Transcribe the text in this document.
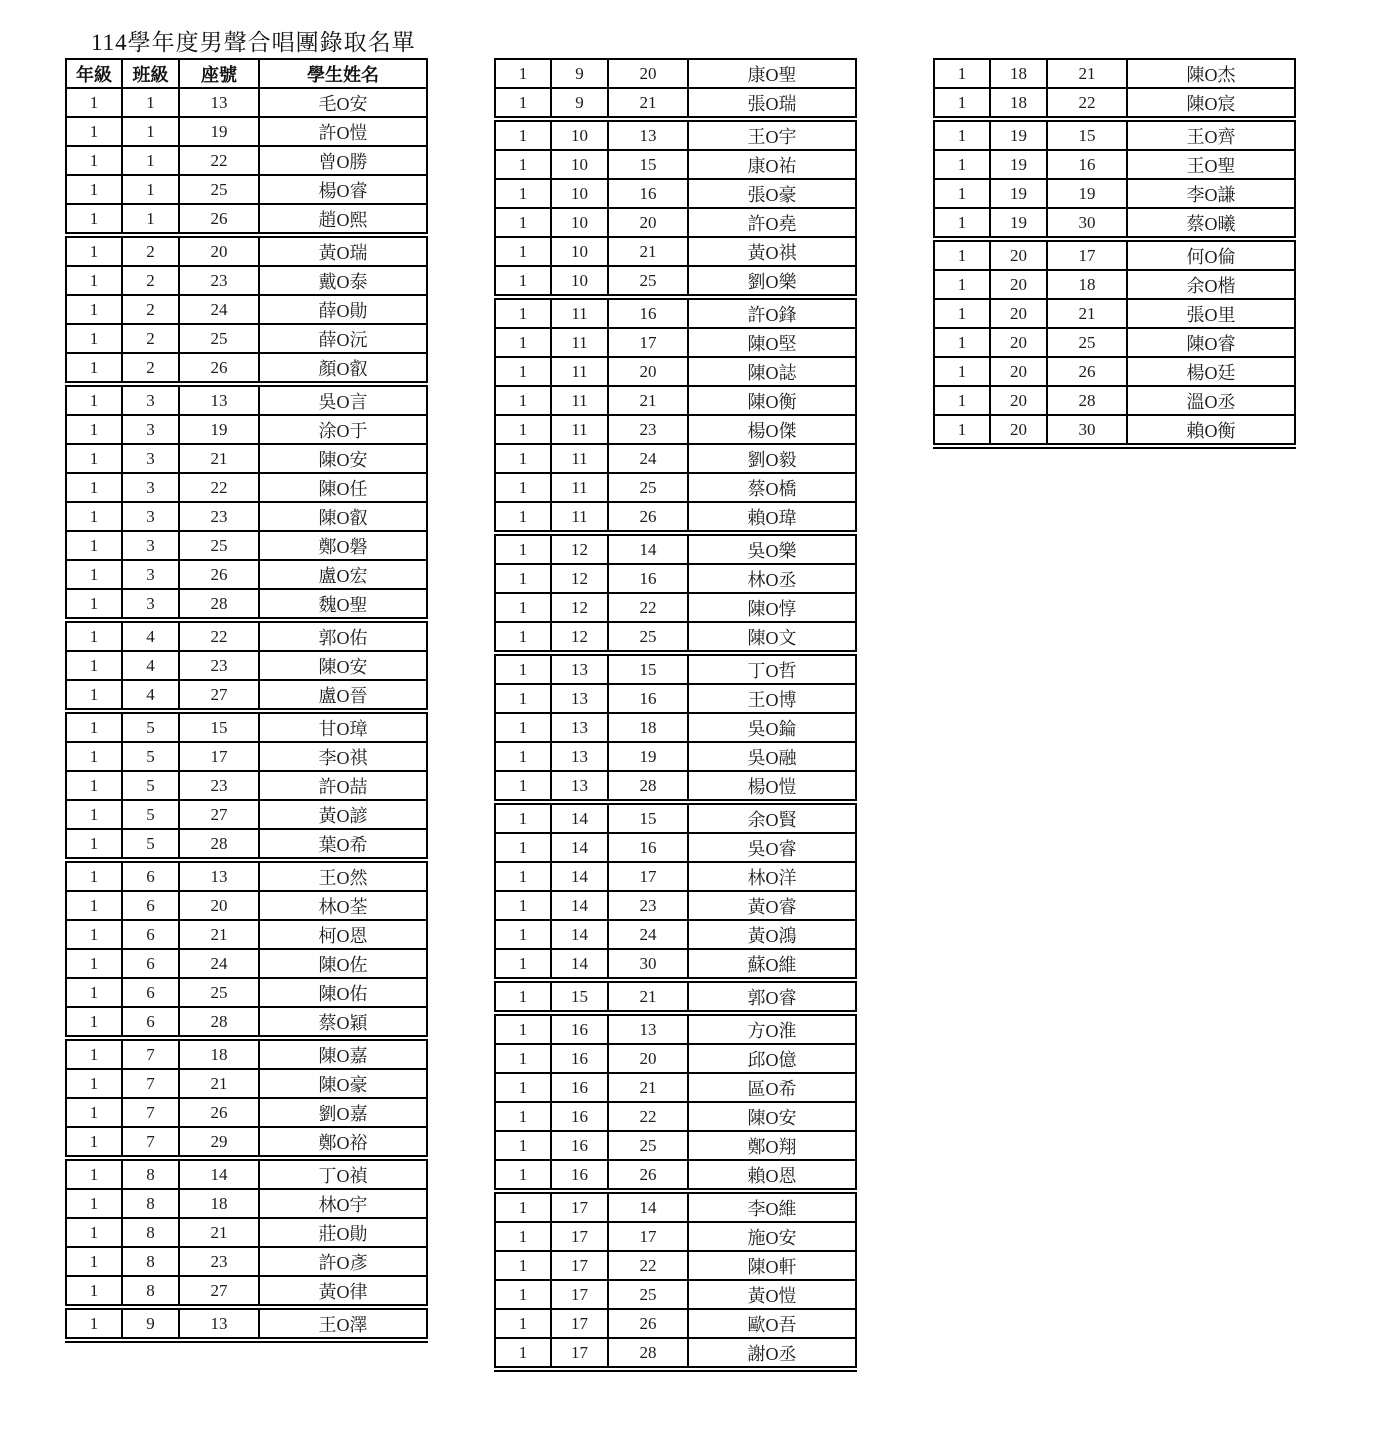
114學年度男聲合唱團錄取名單
年級	班級	座號	學生姓名
1	1	13	毛O安
1	1	19	許O愷
1	1	22	曾O勝
1	1	25	楊O睿
1	1	26	趙O熙
1	2	20	黃O瑞
1	2	23	戴O泰
1	2	24	薛O勛
1	2	25	薛O沅
1	2	26	顏O叡
1	3	13	吳O言
1	3	19	涂O于
1	3	21	陳O安
1	3	22	陳O任
1	3	23	陳O叡
1	3	25	鄭O磐
1	3	26	盧O宏
1	3	28	魏O聖
1	4	22	郭O佑
1	4	23	陳O安
1	4	27	盧O晉
1	5	15	甘O璋
1	5	17	李O祺
1	5	23	許O喆
1	5	27	黃O諺
1	5	28	葉O希
1	6	13	王O然
1	6	20	林O荃
1	6	21	柯O恩
1	6	24	陳O佐
1	6	25	陳O佑
1	6	28	蔡O穎
1	7	18	陳O嘉
1	7	21	陳O豪
1	7	26	劉O嘉
1	7	29	鄭O裕
1	8	14	丁O禎
1	8	18	林O宇
1	8	21	莊O勛
1	8	23	許O彥
1	8	27	黃O律
1	9	13	王O澤
1	9	20	康O聖
1	9	21	張O瑞
1	10	13	王O宇
1	10	15	康O祐
1	10	16	張O豪
1	10	20	許O堯
1	10	21	黃O祺
1	10	25	劉O樂
1	11	16	許O鋒
1	11	17	陳O堅
1	11	20	陳O誌
1	11	21	陳O衡
1	11	23	楊O傑
1	11	24	劉O毅
1	11	25	蔡O橋
1	11	26	賴O瑋
1	12	14	吳O樂
1	12	16	林O丞
1	12	22	陳O惇
1	12	25	陳O文
1	13	15	丁O哲
1	13	16	王O博
1	13	18	吳O錀
1	13	19	吳O融
1	13	28	楊O愷
1	14	15	余O賢
1	14	16	吳O睿
1	14	17	林O洋
1	14	23	黃O睿
1	14	24	黃O鴻
1	14	30	蘇O維
1	15	21	郭O睿
1	16	13	方O淮
1	16	20	邱O億
1	16	21	區O希
1	16	22	陳O安
1	16	25	鄭O翔
1	16	26	賴O恩
1	17	14	李O維
1	17	17	施O安
1	17	22	陳O軒
1	17	25	黃O愷
1	17	26	歐O吾
1	17	28	謝O丞
1	18	21	陳O杰
1	18	22	陳O宸
1	19	15	王O齊
1	19	16	王O聖
1	19	19	李O謙
1	19	30	蔡O曦
1	20	17	何O倫
1	20	18	余O楷
1	20	21	張O里
1	20	25	陳O睿
1	20	26	楊O廷
1	20	28	溫O丞
1	20	30	賴O衡
